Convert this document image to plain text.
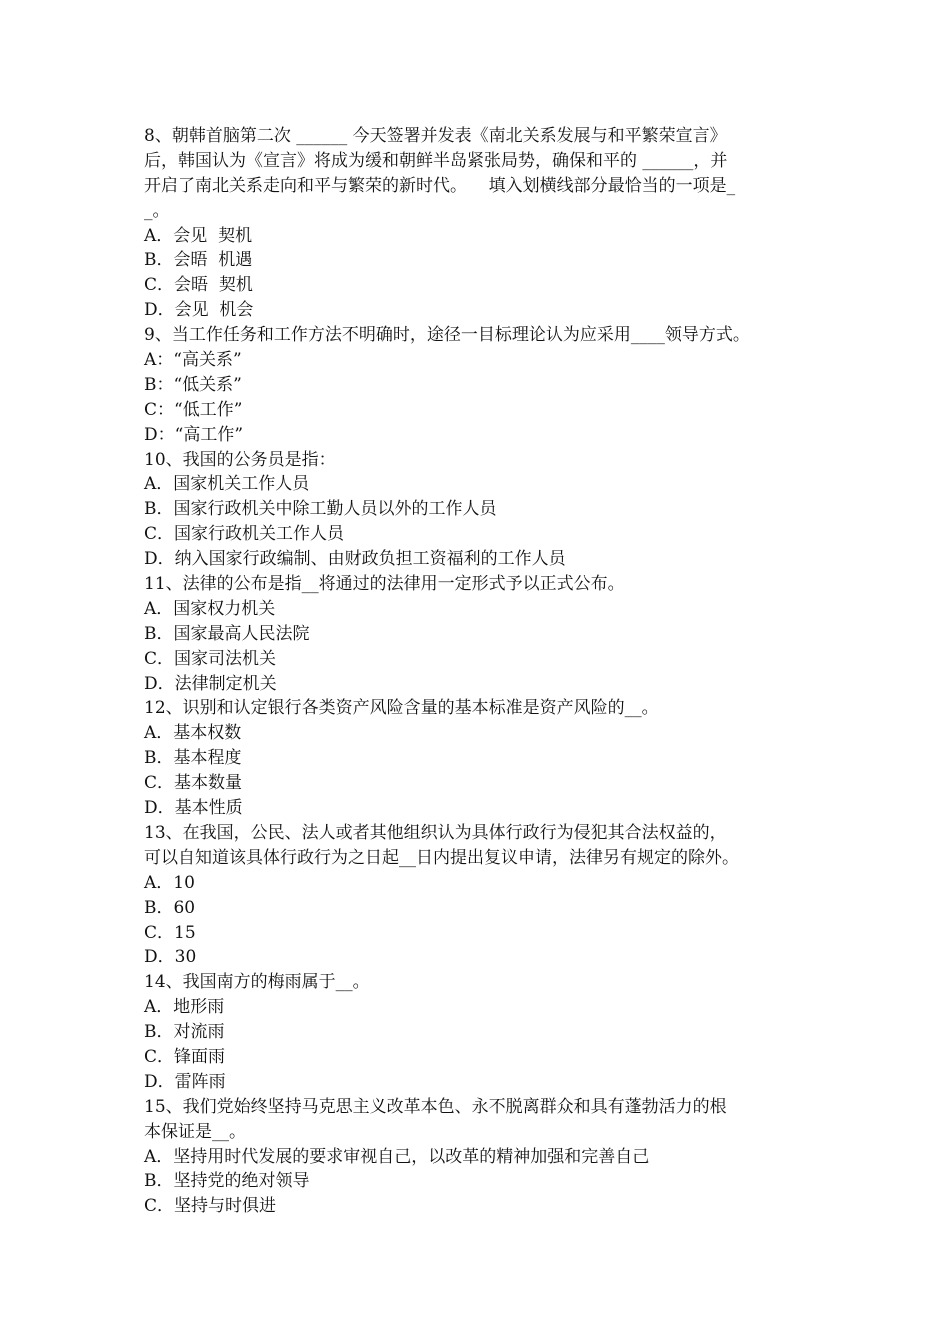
8、朝韩首脑第二次 ______ 今天签署并发表《南北关系发展与和平繁荣宣言》
后，韩国认为《宣言》将成为缓和朝鲜半岛紧张局势，确保和平的 ______，并
开启了南北关系走向和平与繁荣的新时代。    填入划横线部分最恰当的一项是_
_。
A．会见  契机
B．会晤  机遇
C．会晤  契机
D．会见  机会
9、当工作任务和工作方法不明确时，途径一目标理论认为应采用____领导方式。
A：“高关系”
B：“低关系”
C：“低工作”
D：“高工作”
10、我国的公务员是指：
A．国家机关工作人员
B．国家行政机关中除工勤人员以外的工作人员
C．国家行政机关工作人员
D．纳入国家行政编制、由财政负担工资福利的工作人员
11、法律的公布是指__将通过的法律用一定形式予以正式公布。
A．国家权力机关
B．国家最高人民法院
C．国家司法机关
D．法律制定机关
12、识别和认定银行各类资产风险含量的基本标准是资产风险的__。
A．基本权数
B．基本程度
C．基本数量
D．基本性质
13、在我国，公民、法人或者其他组织认为具体行政行为侵犯其合法权益的，
可以自知道该具体行政行为之日起__日内提出复议申请，法律另有规定的除外。
A．10
B．60
C．15
D．30
14、我国南方的梅雨属于__。
A．地形雨
B．对流雨
C．锋面雨
D．雷阵雨
15、我们党始终坚持马克思主义改革本色、永不脱离群众和具有蓬勃活力的根
本保证是__。
A．坚持用时代发展的要求审视自己，以改革的精神加强和完善自己
B．坚持党的绝对领导
C．坚持与时俱进
